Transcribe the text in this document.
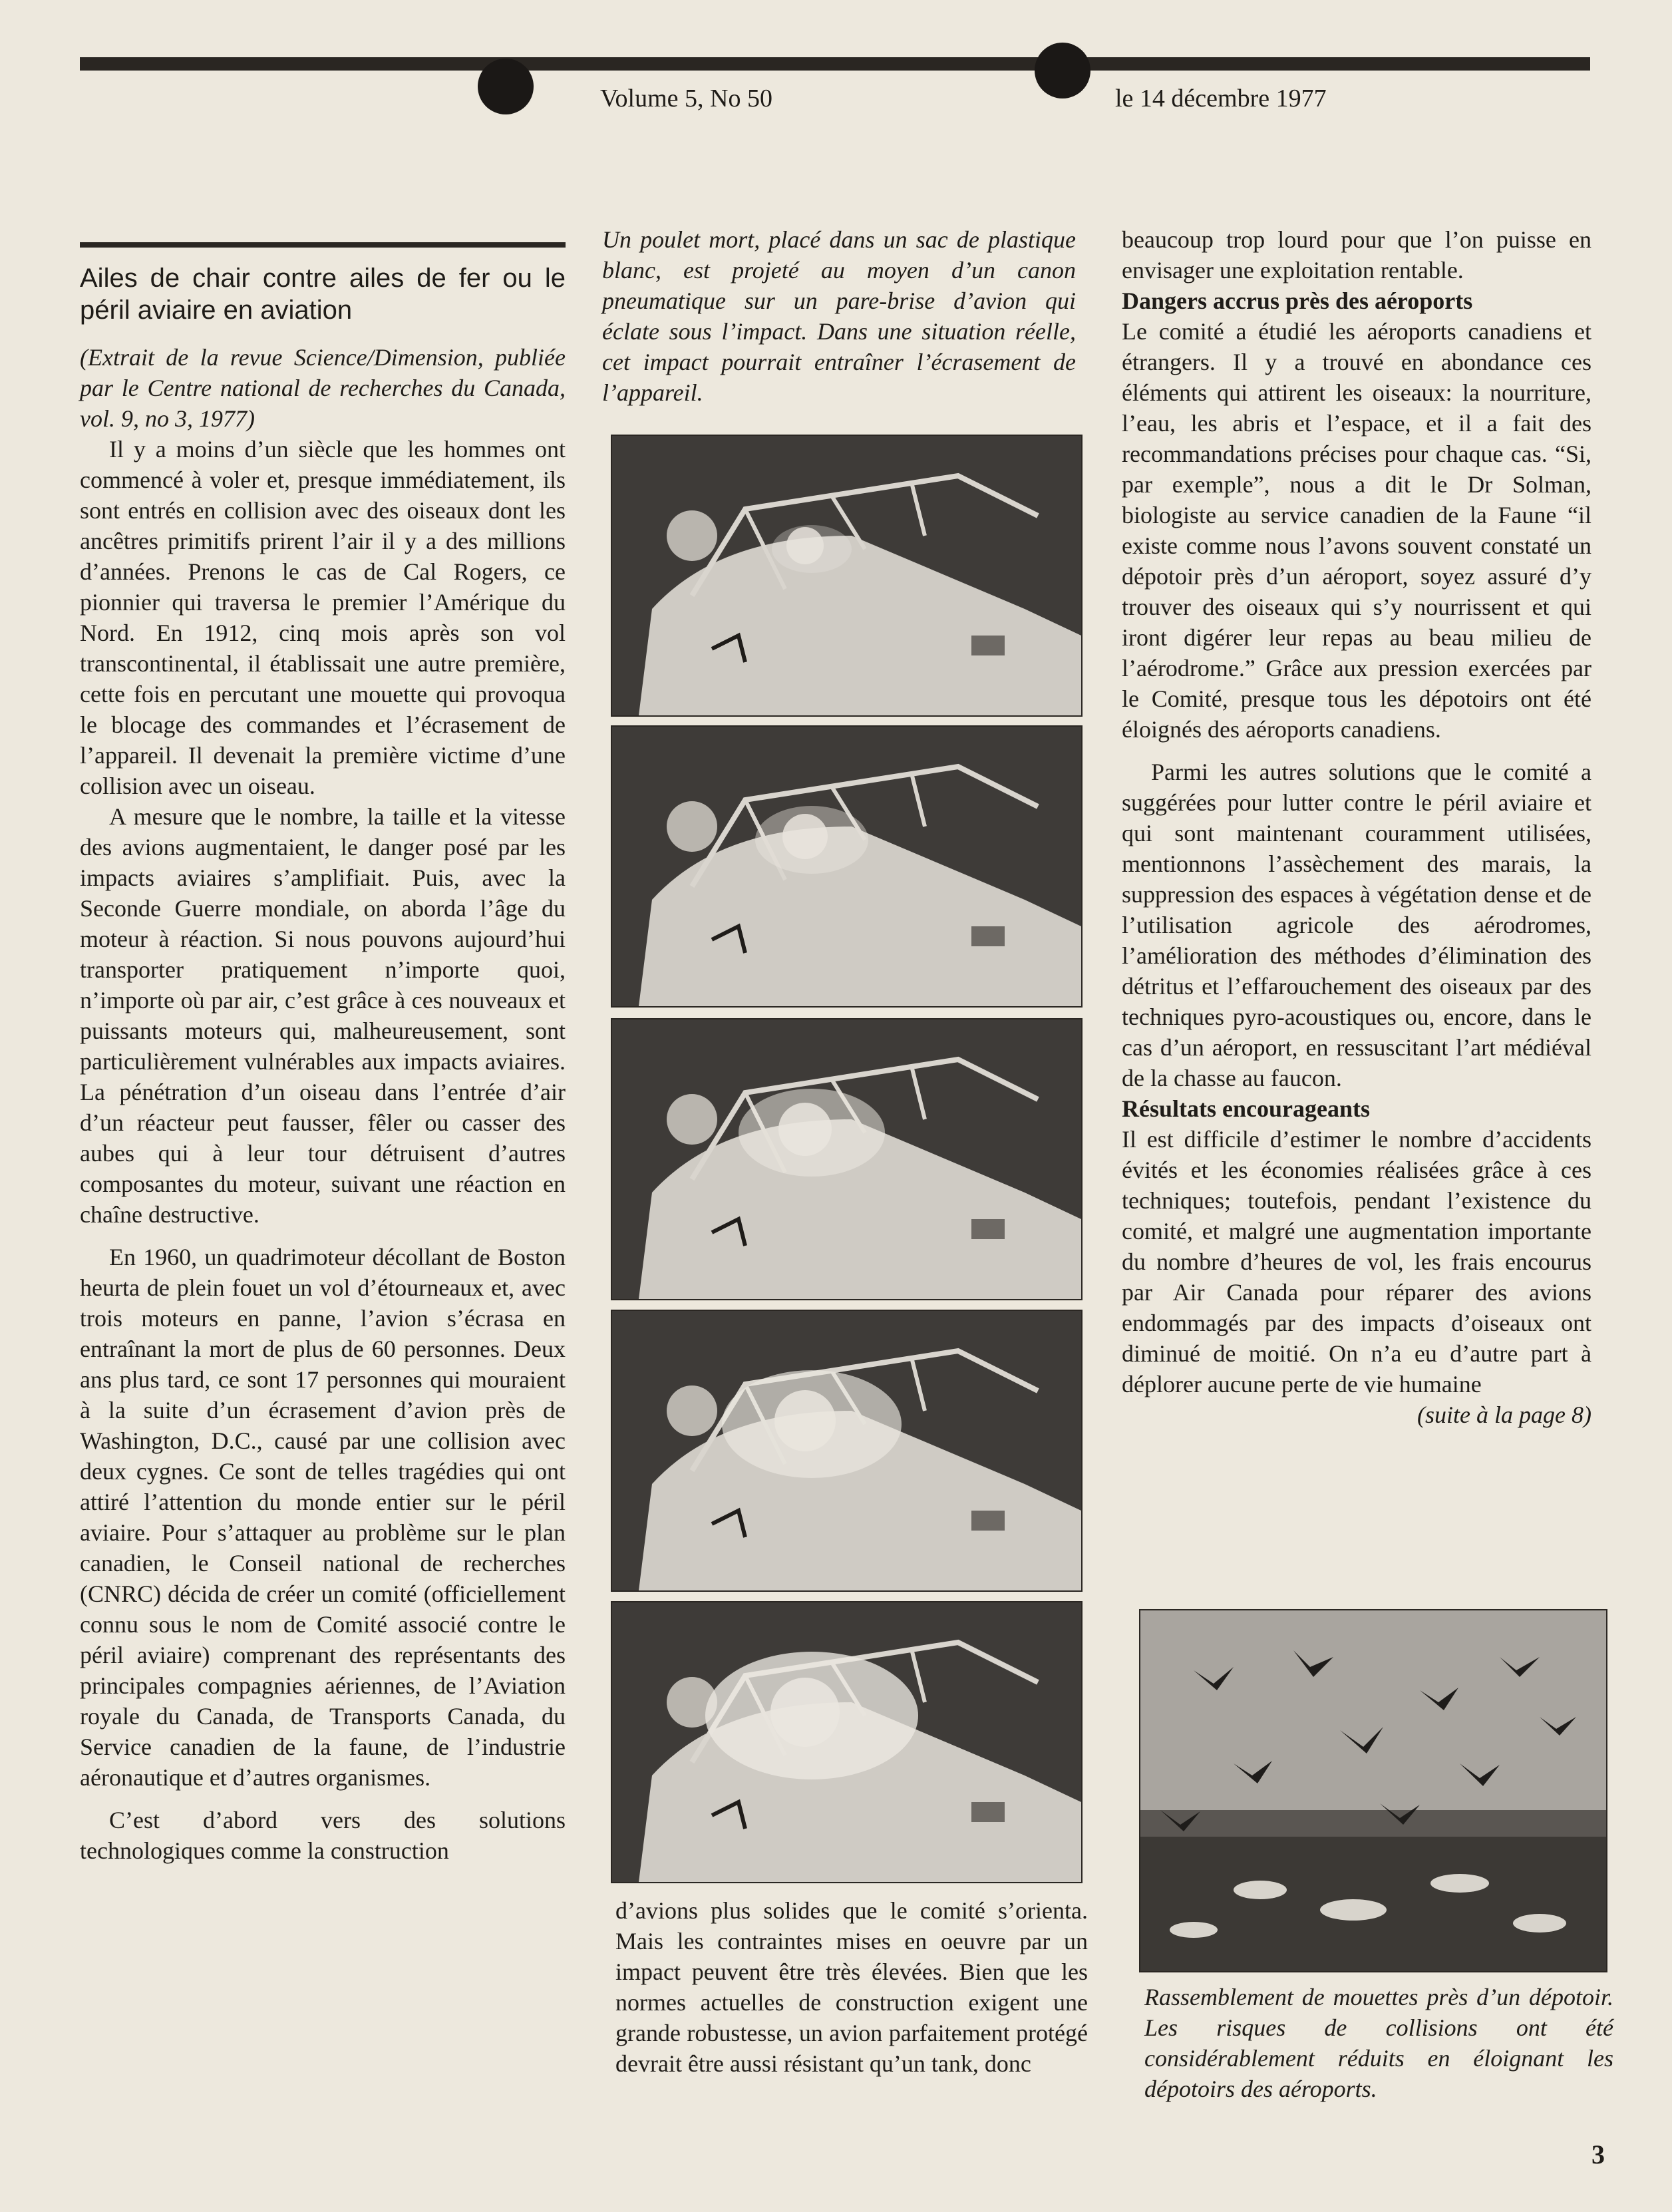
Volume 5, No 50	le 14 décembre 1977
Ailes de chair contre ailes de fer ou le péril aviaire en aviation

(Extrait de la revue Science/Dimension, publiée par le Centre national de recherches du Canada, vol. 9, no 3, 1977)

Il y a moins d’un siècle que les hommes ont commencé à voler et, presque immédiatement, ils sont entrés en collision avec des oiseaux dont les ancêtres primitifs prirent l’air il y a des millions d’années. Prenons le cas de Cal Rogers, ce pionnier qui traversa le premier l’Amérique du Nord. En 1912, cinq mois après son vol transcontinental, il établissait une autre première, cette fois en percutant une mouette qui provoqua le blocage des commandes et l’écrasement de l’appareil. Il devenait la première victime d’une collision avec un oiseau.

A mesure que le nombre, la taille et la vitesse des avions augmentaient, le danger posé par les impacts aviaires s’amplifiait. Puis, avec la Seconde Guerre mondiale, on aborda l’âge du moteur à réaction. Si nous pouvons aujourd’hui transporter pratiquement n’importe quoi, n’importe où par air, c’est grâce à ces nouveaux et puissants moteurs qui, malheureusement, sont particulièrement vulnérables aux impacts aviaires. La pénétration d’un oiseau dans l’entrée d’air d’un réacteur peut fausser, fêler ou casser des aubes qui à leur tour détruisent d’autres composantes du moteur, suivant une réaction en chaîne destructive.

En 1960, un quadrimoteur décollant de Boston heurta de plein fouet un vol d’étourneaux et, avec trois moteurs en panne, l’avion s’écrasa en entraînant la mort de plus de 60 personnes. Deux ans plus tard, ce sont 17 personnes qui mouraient à la suite d’un écrasement d’avion près de Washington, D.C., causé par une collision avec deux cygnes. Ce sont de telles tragédies qui ont attiré l’attention du monde entier sur le péril aviaire. Pour s’attaquer au problème sur le plan canadien, le Conseil national de recherches (CNRC) décida de créer un comité (officiellement connu sous le nom de Comité associé contre le péril aviaire) comprenant des représentants des principales compagnies aériennes, de l’Aviation royale du Canada, de Transports Canada, du Service canadien de la faune, de l’industrie aéronautique et d’autres organismes.

C’est d’abord vers des solutions technologiques comme la construction

Un poulet mort, placé dans un sac de plastique blanc, est projeté au moyen d’un canon pneumatique sur un pare-brise d’avion qui éclate sous l’impact. Dans une situation réelle, cet impact pourrait entraîner l’écrasement de l’appareil.

d’avions plus solides que le comité s’orienta. Mais les contraintes mises en oeuvre par un impact peuvent être très élevées. Bien que les normes actuelles de construction exigent une grande robustesse, un avion parfaitement protégé devrait être aussi résistant qu’un tank, donc

beaucoup trop lourd pour que l’on puisse en envisager une exploitation rentable.

Dangers accrus près des aéroports

Le comité a étudié les aéroports canadiens et étrangers. Il y a trouvé en abondance ces éléments qui attirent les oiseaux: la nourriture, l’eau, les abris et l’espace, et il a fait des recommandations précises pour chaque cas. “Si, par exemple”, nous a dit le Dr Solman, biologiste au service canadien de la Faune “il existe comme nous l’avons souvent constaté un dépotoir près d’un aéroport, soyez assuré d’y trouver des oiseaux qui s’y nourrissent et qui iront digérer leur repas au beau milieu de l’aérodrome.” Grâce aux pression exercées par le Comité, presque tous les dépotoirs ont été éloignés des aéroports canadiens.

Parmi les autres solutions que le comité a suggérées pour lutter contre le péril aviaire et qui sont maintenant couramment utilisées, mentionnons l’assèchement des marais, la suppression des espaces à végétation dense et de l’utilisation agricole des aérodromes, l’amélioration des méthodes d’élimination des détritus et l’effarouchement des oiseaux par des techniques pyro-acoustiques ou, encore, dans le cas d’un aéroport, en ressuscitant l’art médiéval de la chasse au faucon.

Résultats encourageants

Il est difficile d’estimer le nombre d’accidents évités et les économies réalisées grâce à ces techniques; toutefois, pendant l’existence du comité, et malgré une augmentation importante du nombre d’heures de vol, les frais encourus par Air Canada pour réparer des avions endommagés par des impacts d’oiseaux ont diminué de moitié. On n’a eu d’autre part à déplorer aucune perte de vie humaine

(suite à la page 8)

Rassemblement de mouettes près d’un dépotoir. Les risques de collisions ont été considérablement réduits en éloignant les dépotoirs des aéroports.
3
